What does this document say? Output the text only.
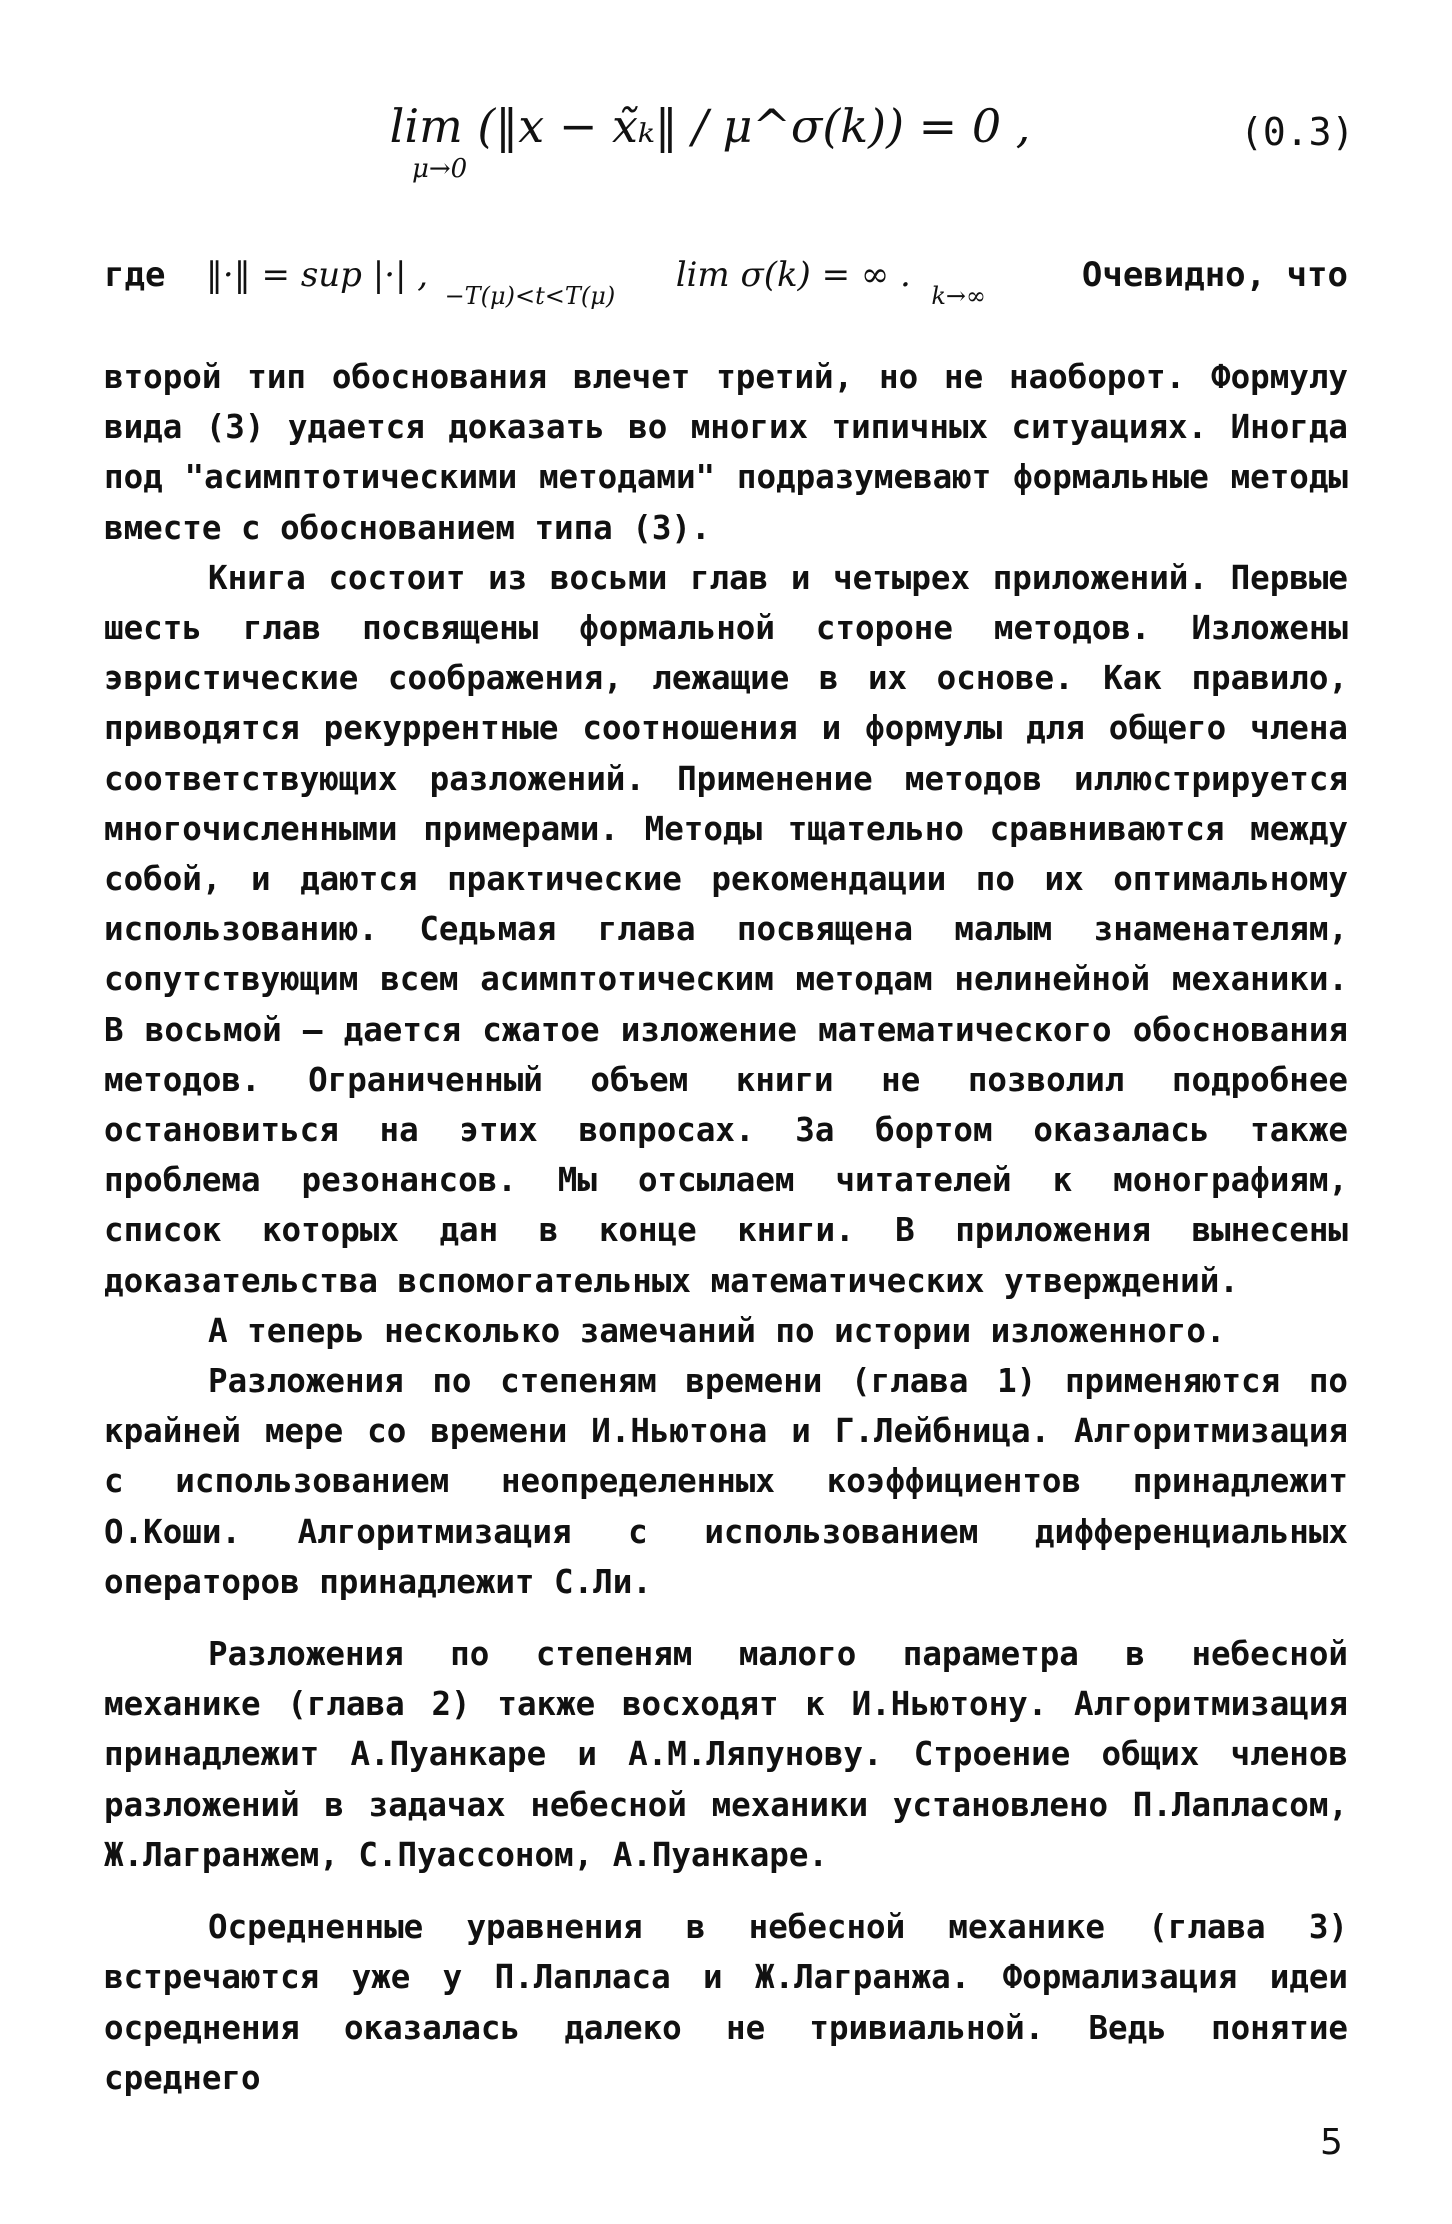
lim (‖x − x̃ₖ‖ / μ^σ(k)) = 0 ,
μ→0
(0.3)
где ‖·‖ = sup |·| , $_{-T(\mu)<t<T(\mu)}$ lim σ(k) = ∞ . $_{k\to\infty}$
Очевидно, что

второй тип обоснования влечет третий, но не наоборот. Формулу вида (3) удается доказать во многих типичных ситуациях. Иногда под "асимптотическими методами" подразумевают формальные методы вместе с обоснованием типа (3).

Книга состоит из восьми глав и четырех приложений. Первые шесть глав посвящены формальной стороне методов. Изложены эвристические соображения, лежащие в их основе. Как правило, приводятся рекуррентные соотношения и формулы для общего члена соответствующих разложений. Применение методов иллюстрируется многочисленными примерами. Методы тщательно сравниваются между собой, и даются практические рекомендации по их оптимальному использованию. Седьмая глава посвящена малым знаменателям, сопутствующим всем асимптотическим методам нелинейной механики. В восьмой – дается сжатое изложение математического обоснования методов. Ограниченный объем книги не позволил подробнее остановиться на этих вопросах. За бортом оказалась также проблема резонансов. Мы отсылаем читателей к монографиям, список которых дан в конце книги. В приложения вынесены доказательства вспомогательных математических утверждений.

А теперь несколько замечаний по истории изложенного.

Разложения по степеням времени (глава 1) применяются по крайней мере со времени И.Ньютона и Г.Лейбница. Алгоритмизация с использованием неопределенных коэффициентов принадлежит О.Коши. Алгоритмизация с использованием дифференциальных операторов принадлежит С.Ли.

Разложения по степеням малого параметра в небесной механике (глава 2) также восходят к И.Ньютону. Алгоритмизация принадлежит А.Пуанкаре и А.М.Ляпунову. Строение общих членов разложений в задачах небесной механики установлено П.Лапласом, Ж.Лагранжем, С.Пуассоном, А.Пуанкаре.

Осредненные уравнения в небесной механике (глава 3) встречаются уже у П.Лапласа и Ж.Лагранжа. Формализация идеи осреднения оказалась далеко не тривиальной. Ведь понятие среднего

5
